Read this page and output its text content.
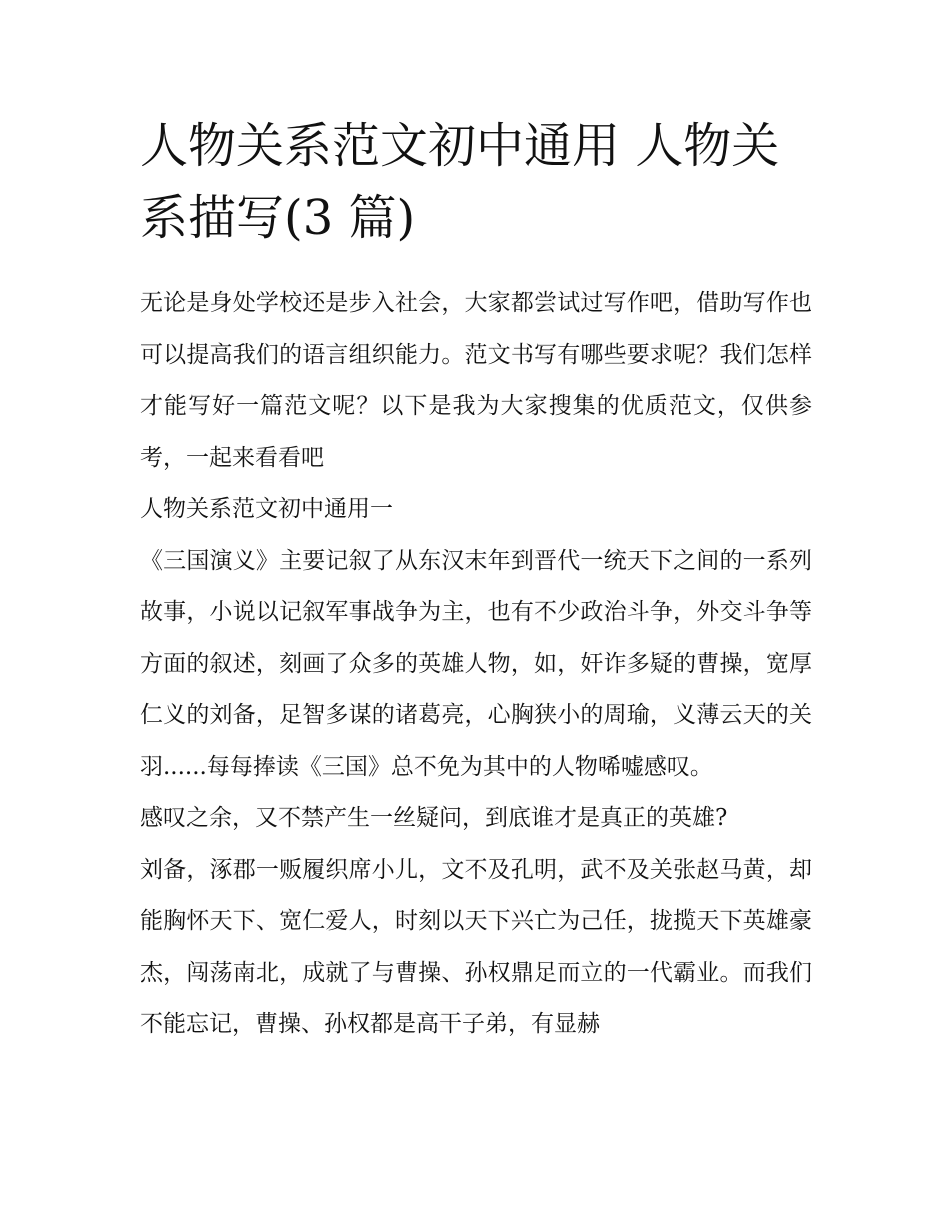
人物关系范文初中通用 人物关
系描写(3 篇)

无论是身处学校还是步入社会，大家都尝试过写作吧，借助写作也可以提高我们的语言组织能力。范文书写有哪些要求呢？我们怎样才能写好一篇范文呢？以下是我为大家搜集的优质范文，仅供参考，一起来看看吧

人物关系范文初中通用一

《三国演义》主要记叙了从东汉末年到晋代一统天下之间的一系列故事，小说以记叙军事战争为主，也有不少政治斗争，外交斗争等方面的叙述，刻画了众多的英雄人物，如，奸诈多疑的曹操，宽厚仁义的刘备，足智多谋的诸葛亮，心胸狭小的周瑜，义薄云天的关羽......每每捧读《三国》总不免为其中的人物唏嘘感叹。

感叹之余，又不禁产生一丝疑问，到底谁才是真正的英雄?

刘备，涿郡一贩履织席小儿，文不及孔明，武不及关张赵马黄，却能胸怀天下、宽仁爱人，时刻以天下兴亡为己任，拢揽天下英雄豪杰，闯荡南北，成就了与曹操、孙权鼎足而立的一代霸业。而我们不能忘记，曹操、孙权都是高干子弟，有显赫
